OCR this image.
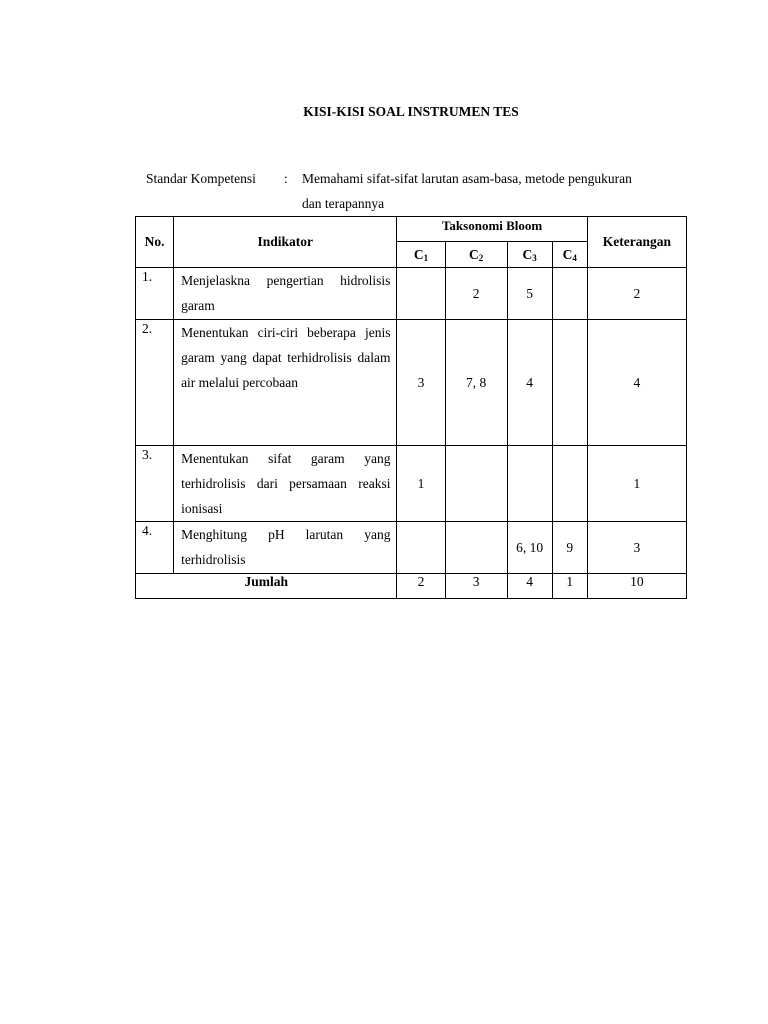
KISI-KISI SOAL INSTRUMEN TES
Standar Kompetensi : Memahami sifat-sifat larutan asam-basa, metode pengukuran
dan terapannya
No.	Indikator	Taksonomi Bloom				Keterangan
		$C_1$	$C_2$	$C_3$	$C_4$
1.	Menjelaskna pengertian hidrolisis garam		2	5		2
2.	Menentukan ciri-ciri beberapa jenis garam yang dapat terhidrolisis dalam air melalui percobaan	3	7, 8	4		4
3.	Menentukan sifat garam yang terhidrolisis dari persamaan reaksi ionisasi	1				1
4.	Menghitung pH larutan yang terhidrolisis			6, 10	9	3
Jumlah		2	3	4	1	10
